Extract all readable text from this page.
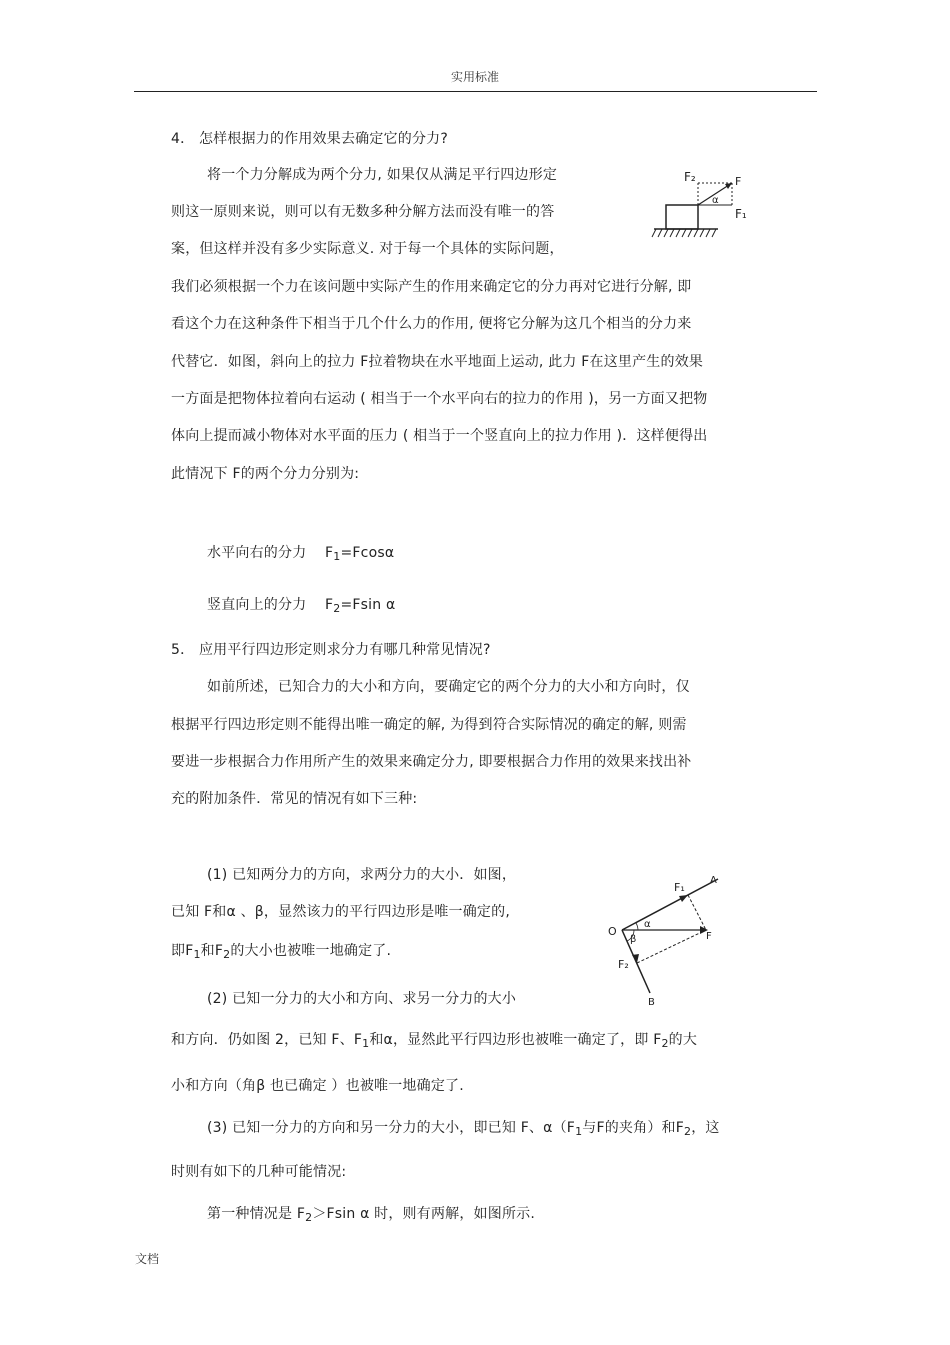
实用标准
4． 怎样根据力的作用效果去确定它的分力?
将一个力分解成为两个分力, 如果仅从满足平行四边形定
则这一原则来说，则可以有无数多种分解方法而没有唯一的答
案，但这样并没有多少实际意义. 对于每一个具体的实际问题，
我们必须根据一个力在该问题中实际产生的作用来确定它的分力再对它进行分解, 即
看这个力在这种条件下相当于几个什么力的作用, 便将它分解为这几个相当的分力来
代替它．如图，斜向上的拉力 F拉着物块在水平地面上运动, 此力 F在这里产生的效果
一方面是把物体拉着向右运动 ( 相当于一个水平向右的拉力的作用 )，另一方面又把物
体向上提而减小物体对水平面的压力 ( 相当于一个竖直向上的拉力作用 )．这样便得出
此情况下 F的两个分力分别为:
F₂	F
F₁
α
水平向右的分力 $F_1=Fcos\alpha$
竖直向上的分力 $F_2=Fsin$ α
5． 应用平行四边形定则求分力有哪几种常见情况?
如前所述，已知合力的大小和方向，要确定它的两个分力的大小和方向时，仅
根据平行四边形定则不能得出唯一确定的解, 为得到符合实际情况的确定的解, 则需
要进一步根据合力作用所产生的效果来确定分力, 即要根据合力作用的效果来找出补
充的附加条件．常见的情况有如下三种:
(1) 已知两分力的方向，求两分力的大小．如图，
已知 F和α 、β，显然该力的平行四边形是唯一确定的,
即$F_1$和$F_2$的大小也被唯一地确定了.
(2) 已知一分力的大小和方向、求另一分力的大小
和方向．仍如图 2，已知 F、$F_1$和α，显然此平行四边形也被唯一确定了，即 $F_2$的大
小和方向（角β 也已确定 ）也被唯一地确定了.
(3) 已知一分力的方向和另一分力的大小，即已知 F、$\alpha(F_1$与F的夹角）和$F_2$，这
时则有如下的几种可能情况:
第一种情况是 $F_2>Fsin$ α 时，则有两解，如图所示.
F₁
A
O
α
β	F
F₂
B
文档
